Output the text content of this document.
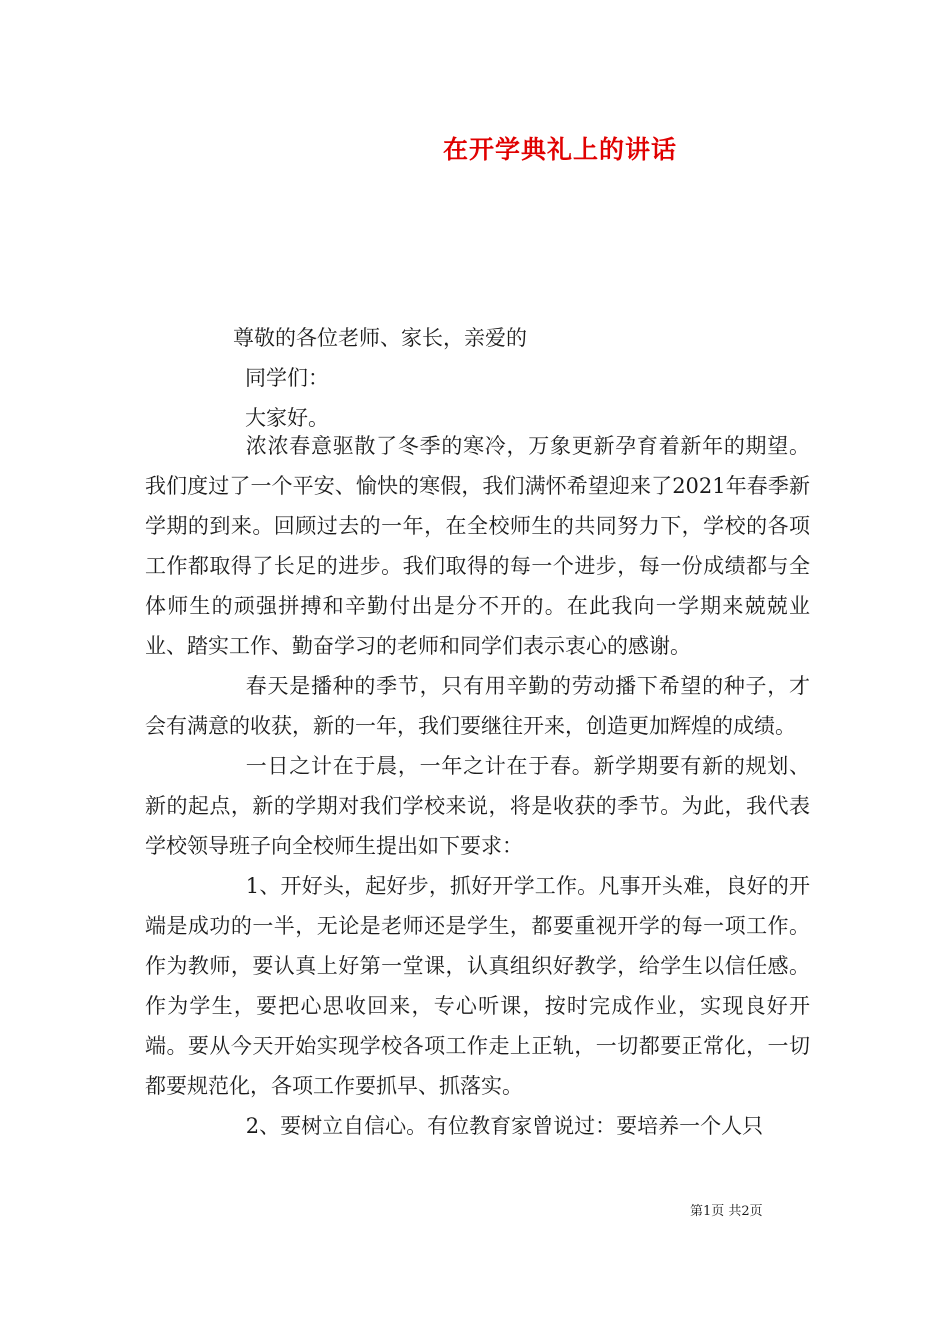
在开学典礼上的讲话
尊敬的各位老师、家长，亲爱的
同学们：
大家好。

浓浓春意驱散了冬季的寒冷，万象更新孕育着新年的期望。我们度过了一个平安、愉快的寒假，我们满怀希望迎来了2021年春季新学期的到来。回顾过去的一年，在全校师生的共同努力下，学校的各项工作都取得了长足的进步。我们取得的每一个进步，每一份成绩都与全体师生的顽强拼搏和辛勤付出是分不开的。在此我向一学期来兢兢业业、踏实工作、勤奋学习的老师和同学们表示衷心的感谢。

春天是播种的季节，只有用辛勤的劳动播下希望的种子，才会有满意的收获，新的一年，我们要继往开来，创造更加辉煌的成绩。

一日之计在于晨，一年之计在于春。新学期要有新的规划、新的起点，新的学期对我们学校来说，将是收获的季节。为此，我代表学校领导班子向全校师生提出如下要求：

1、开好头，起好步，抓好开学工作。凡事开头难，良好的开端是成功的一半，无论是老师还是学生，都要重视开学的每一项工作。作为教师，要认真上好第一堂课，认真组织好教学，给学生以信任感。作为学生，要把心思收回来，专心听课，按时完成作业，实现良好开端。要从今天开始实现学校各项工作走上正轨，一切都要正常化，一切都要规范化，各项工作要抓早、抓落实。

2、要树立自信心。有位教育家曾说过：要培养一个人只

第1页 共2页
